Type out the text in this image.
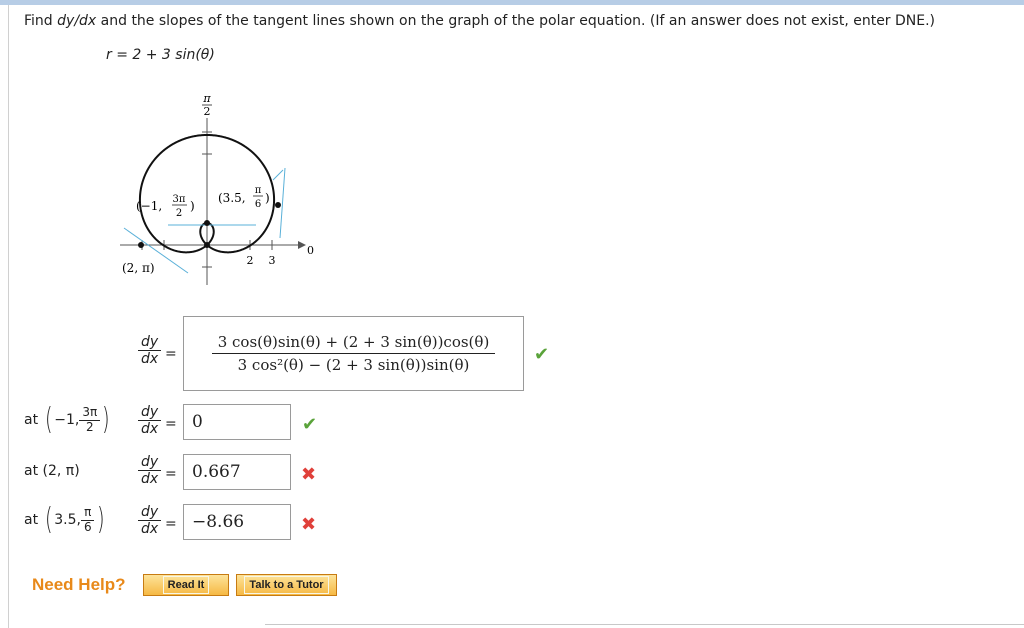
Find dy/dx and the slopes of the tangent lines shown on the graph of the polar equation. (If an answer does not exist, enter DNE.)
r = 2 + 3 sin(θ)
π
2
(−1, 3π
2
)
(3.5,
π
6 )
(2, π)
0
2 3
$\frac{dy}{dx} = \frac{3 \cos(\theta)\sin(\theta) + (2 + 3 \sin(\theta))\cos(\theta)}{\text{3 cos²(θ) − (2 + 3 sin(θ))sin(θ)}}$ ✔
at
( −1, $\frac{3\pi}{2}$ ) $\frac{dy}{dx} = 0$	✔
at
(2, π)	$\frac{dy}{dx} = 0.667$	✖
at
( 3.5, $\frac{\pi}{6}$ ) $\frac{dy}{dx} = -8.66$	✖
Need Help?	Read It	Talk to a Tutor
